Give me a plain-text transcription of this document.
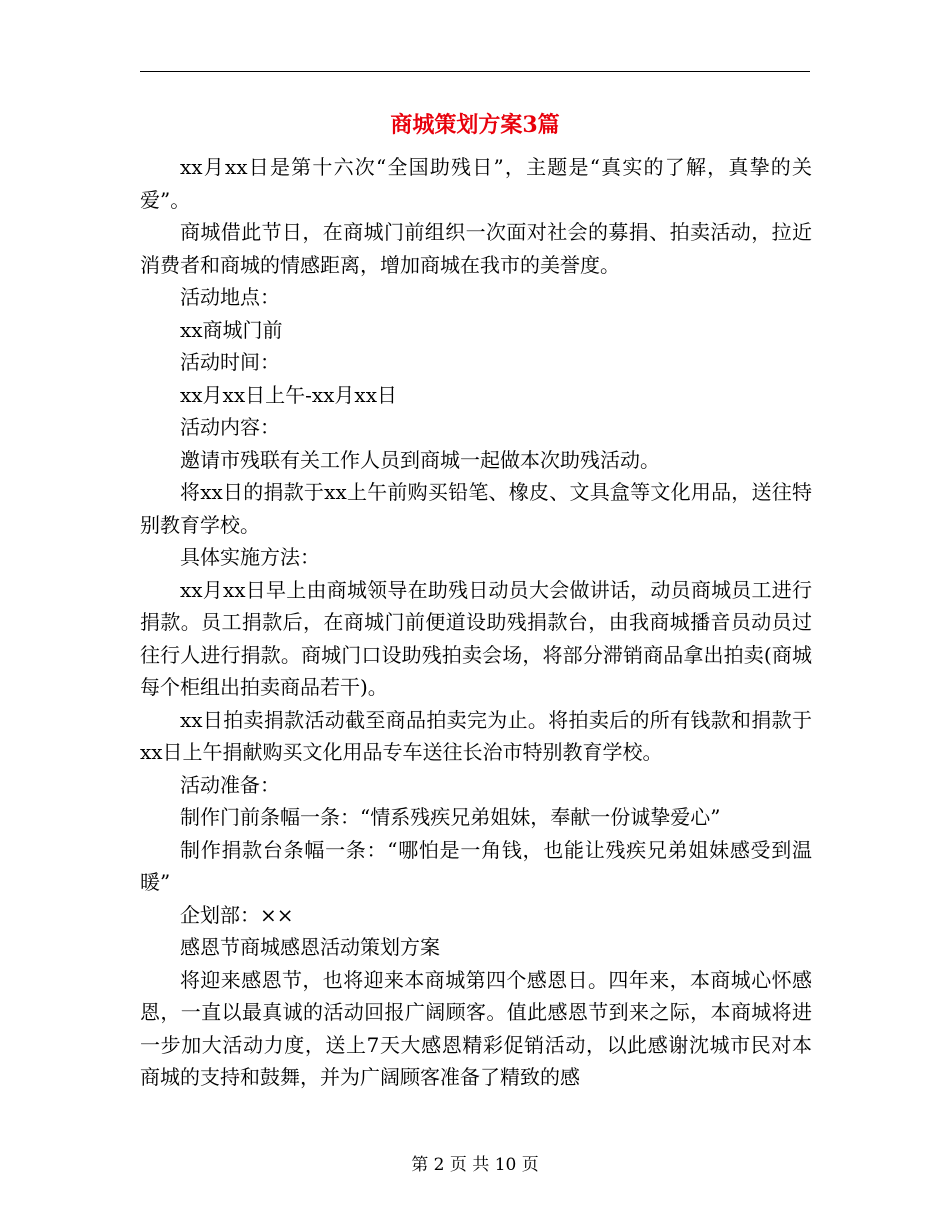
商城策划方案3篇

xx月xx日是第十六次“全国助残日”，主题是“真实的了解，真挚的关爱”。

商城借此节日，在商城门前组织一次面对社会的募捐、拍卖活动，拉近消费者和商城的情感距离，增加商城在我市的美誉度。

活动地点：

xx商城门前

活动时间：

xx月xx日上午-xx月xx日

活动内容：

邀请市残联有关工作人员到商城一起做本次助残活动。

将xx日的捐款于xx上午前购买铅笔、橡皮、文具盒等文化用品，送往特别教育学校。

具体实施方法：

xx月xx日早上由商城领导在助残日动员大会做讲话，动员商城员工进行捐款。员工捐款后，在商城门前便道设助残捐款台，由我商城播音员动员过往行人进行捐款。商城门口设助残拍卖会场，将部分滞销商品拿出拍卖(商城每个柜组出拍卖商品若干)。

xx日拍卖捐款活动截至商品拍卖完为止。将拍卖后的所有钱款和捐款于xx日上午捐献购买文化用品专车送往长治市特别教育学校。

活动准备：

制作门前条幅一条：“情系残疾兄弟姐妹，奉献一份诚挚爱心”

制作捐款台条幅一条：“哪怕是一角钱，也能让残疾兄弟姐妹感受到温暖”

企划部：××

感恩节商城感恩活动策划方案

将迎来感恩节，也将迎来本商城第四个感恩日。四年来，本商城心怀感恩，一直以最真诚的活动回报广阔顾客。值此感恩节到来之际，本商城将进一步加大活动力度，送上7天大感恩精彩促销活动，以此感谢沈城市民对本商城的支持和鼓舞，并为广阔顾客准备了精致的感

第 2 页 共 10 页
